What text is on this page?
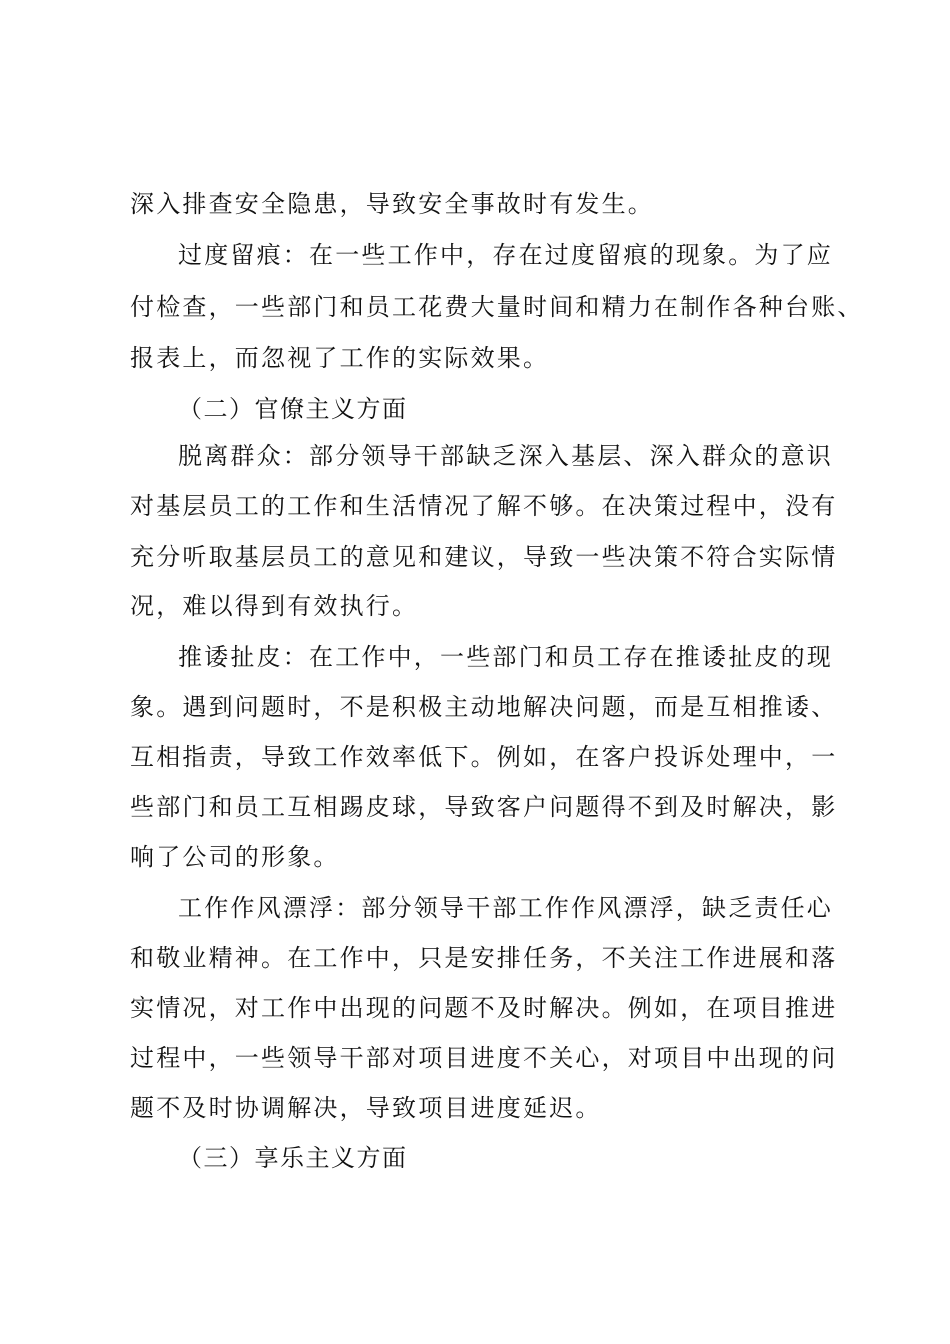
深入排查安全隐患，导致安全事故时有发生。
过度留痕：在一些工作中，存在过度留痕的现象。为了应
付检查，一些部门和员工花费大量时间和精力在制作各种台账、
报表上，而忽视了工作的实际效果。
（二）官僚主义方面
脱离群众：部分领导干部缺乏深入基层、深入群众的意识
对基层员工的工作和生活情况了解不够。在决策过程中，没有
充分听取基层员工的意见和建议，导致一些决策不符合实际情
况，难以得到有效执行。
推诿扯皮：在工作中，一些部门和员工存在推诿扯皮的现
象。遇到问题时，不是积极主动地解决问题，而是互相推诿、
互相指责，导致工作效率低下。例如，在客户投诉处理中，一
些部门和员工互相踢皮球，导致客户问题得不到及时解决，影
响了公司的形象。
工作作风漂浮：部分领导干部工作作风漂浮，缺乏责任心
和敬业精神。在工作中，只是安排任务，不关注工作进展和落
实情况，对工作中出现的问题不及时解决。例如，在项目推进
过程中，一些领导干部对项目进度不关心，对项目中出现的问
题不及时协调解决，导致项目进度延迟。
（三）享乐主义方面
